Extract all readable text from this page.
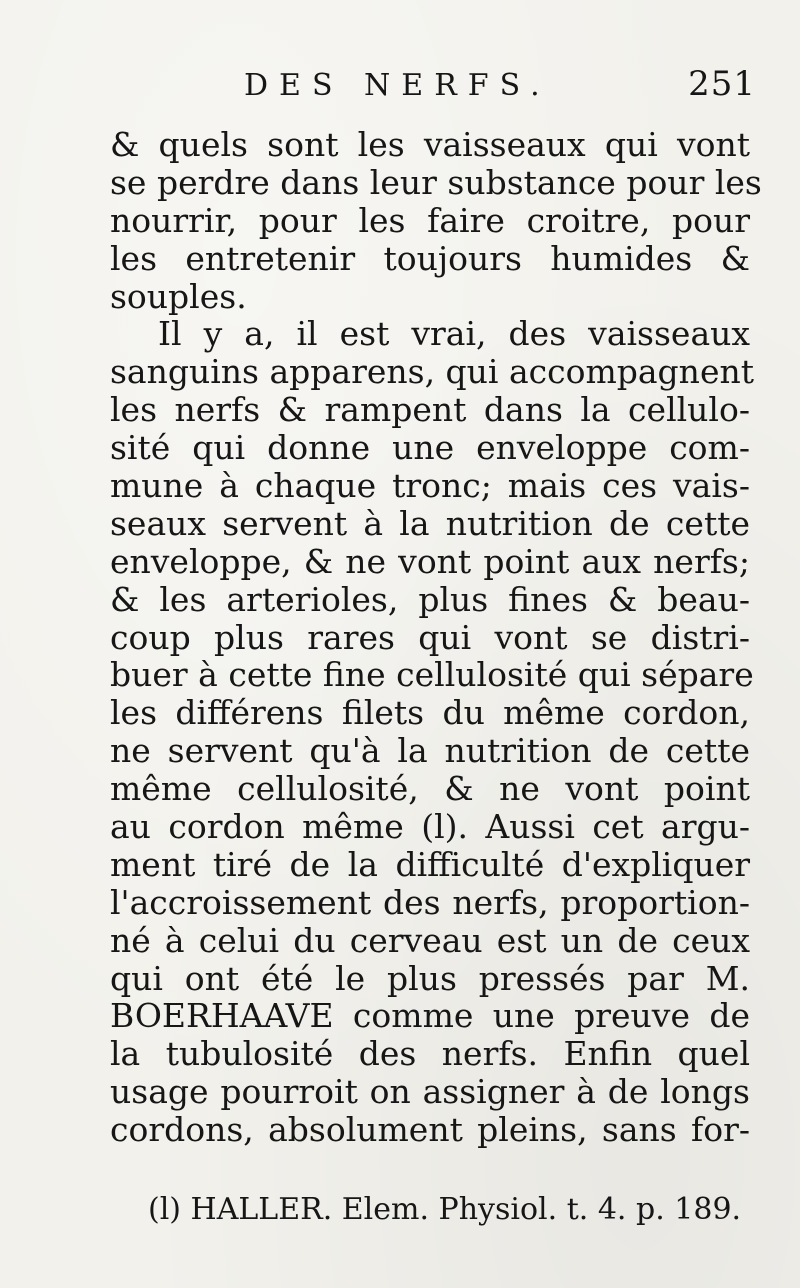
DES NERFS.	251
& quels sont les vaisseaux qui vont
se perdre dans leur substance pour les
nourrir, pour les faire croitre, pour
les entretenir toujours humides &
souples.
Il y a, il est vrai, des vaisseaux
sanguins apparens, qui accompagnent
les nerfs & rampent dans la cellulo-
sité qui donne une enveloppe com-
mune à chaque tronc; mais ces vais-
seaux servent à la nutrition de cette
enveloppe, & ne vont point aux nerfs;
& les arterioles, plus fines & beau-
coup plus rares qui vont se distri-
buer à cette fine cellulosité qui sépare
les différens filets du même cordon,
ne servent qu'à la nutrition de cette
même cellulosité, & ne vont point
au cordon même (l). Aussi cet argu-
ment tiré de la difficulté d'expliquer
l'accroissement des nerfs, proportion-
né à celui du cerveau est un de ceux
qui ont été le plus pressés par M.
BOERHAAVE comme une preuve de
la tubulosité des nerfs. Enfin quel
usage pourroit on assigner à de longs
cordons, absolument pleins, sans for-
(l) HALLER. Elem. Physiol. t. 4. p. 189.
